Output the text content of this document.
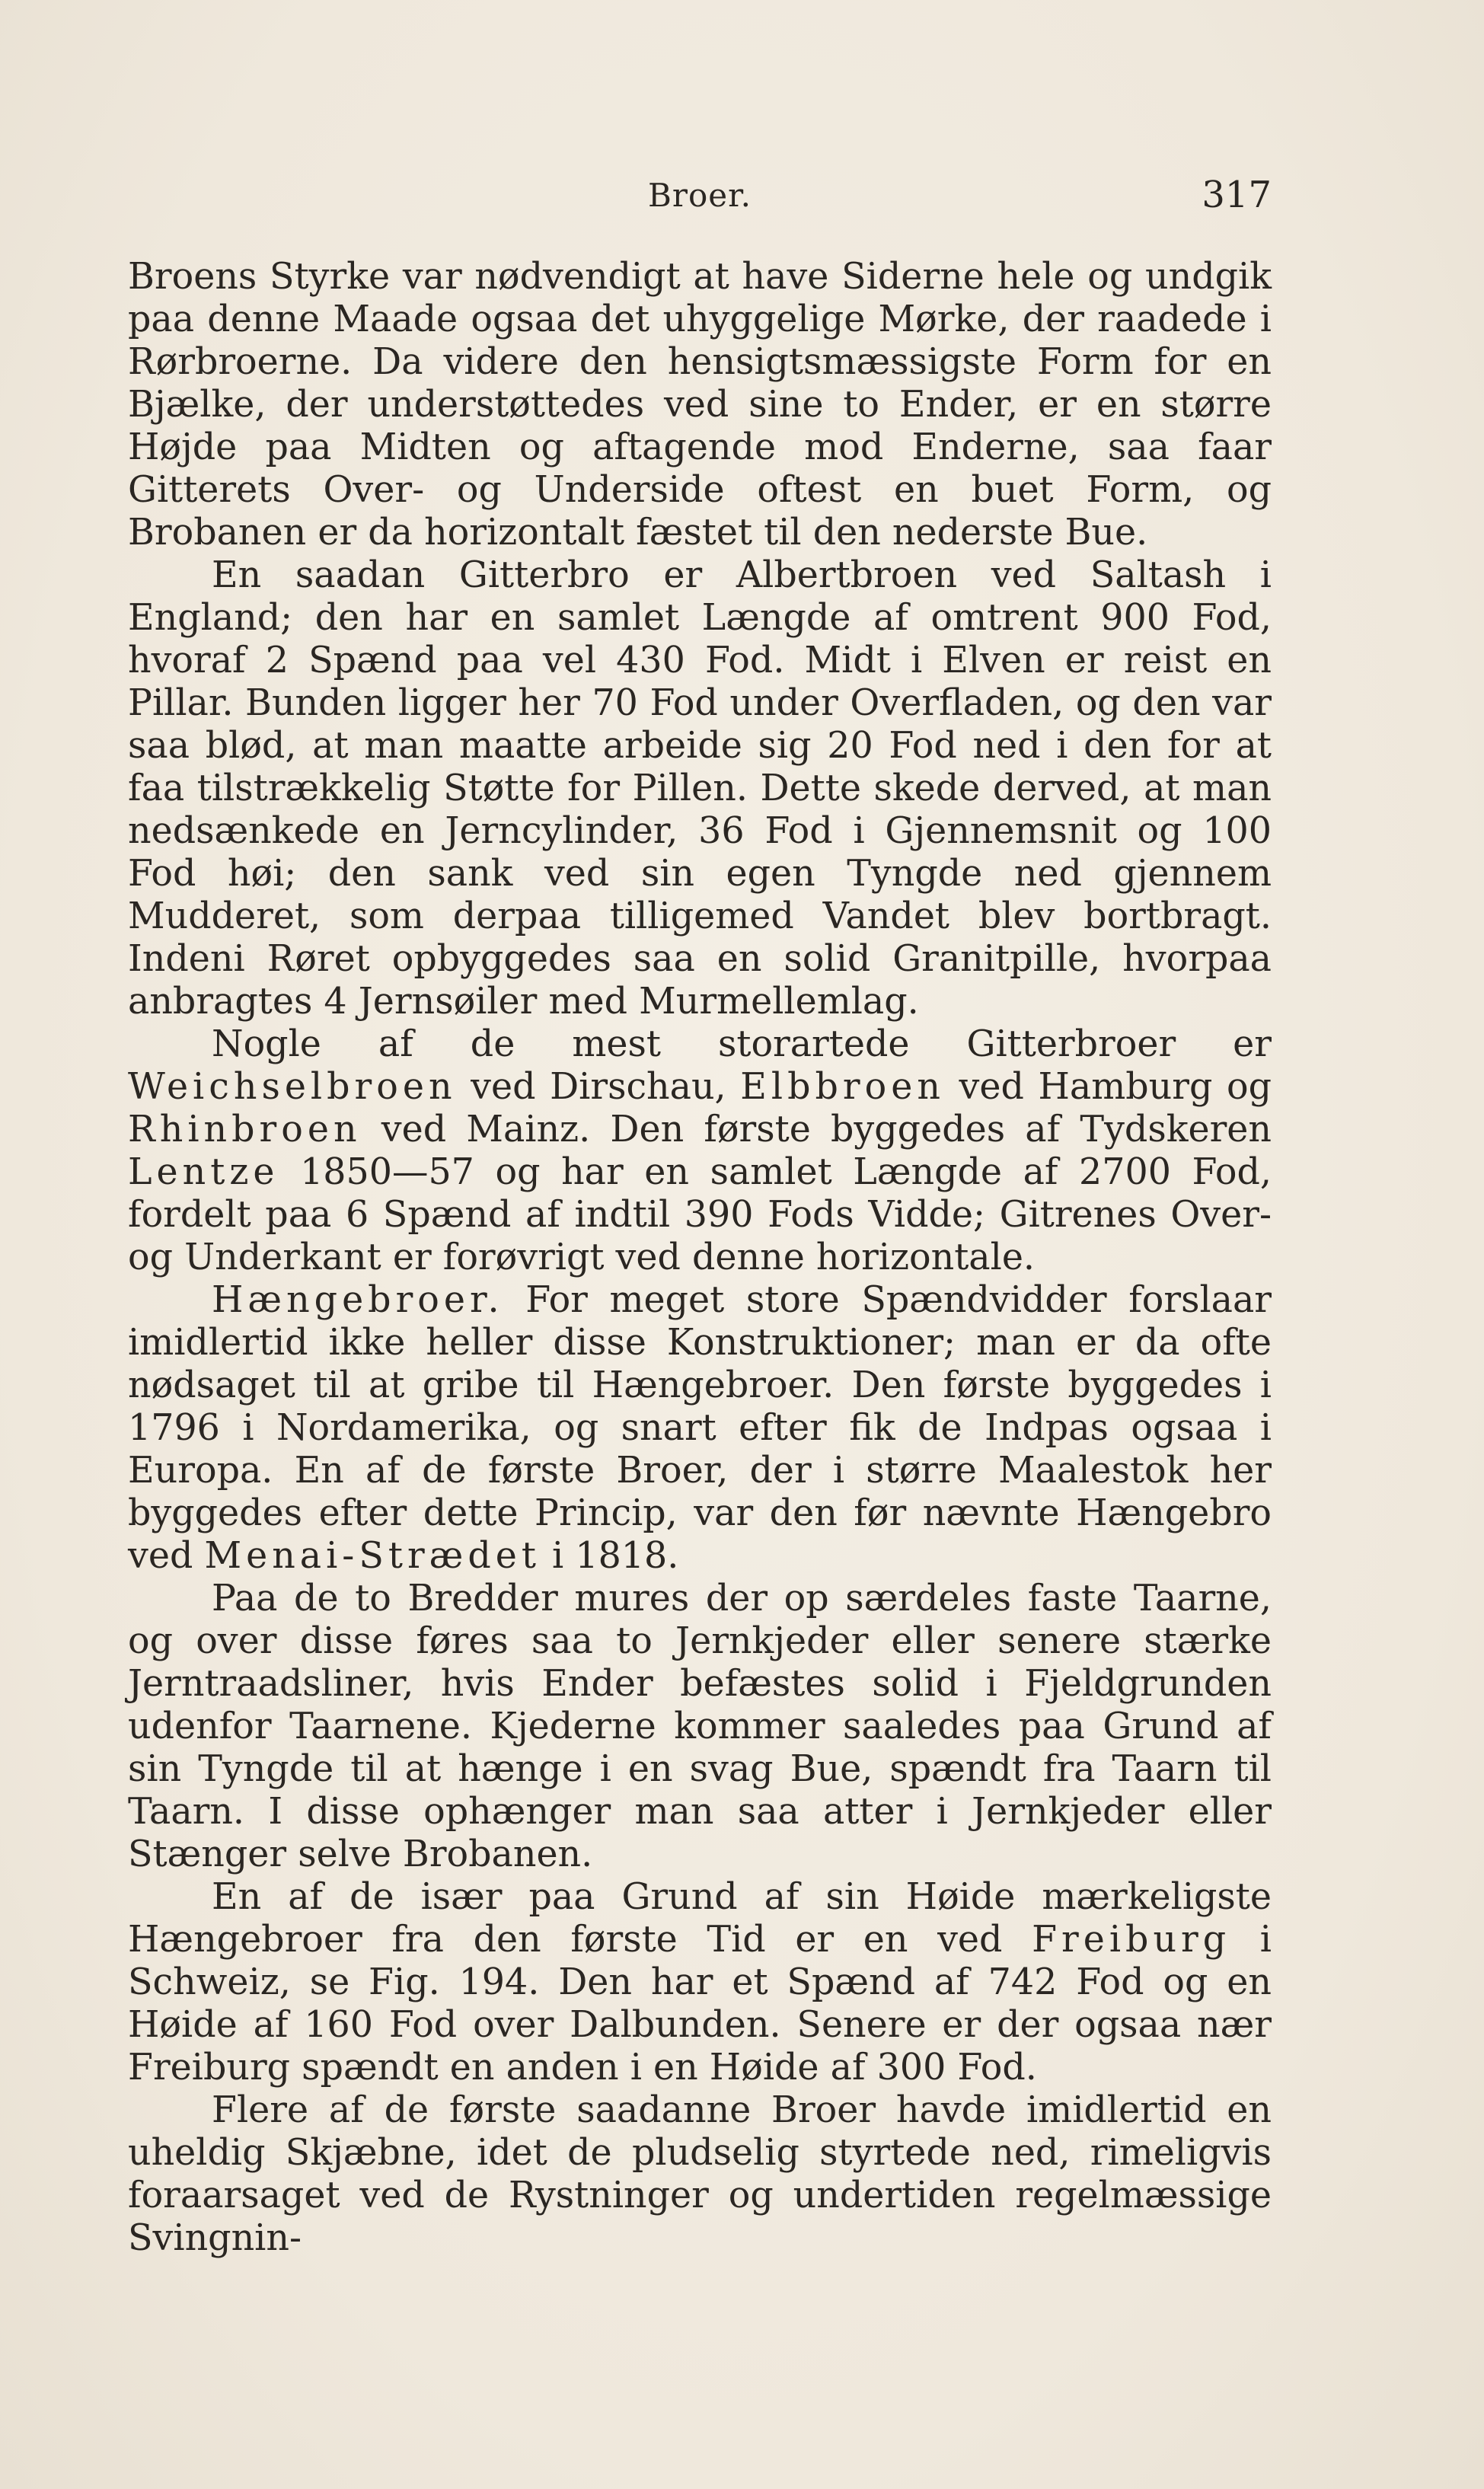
Broer.	317

Broens Styrke var nødvendigt at have Siderne hele og undgik paa denne Maade ogsaa det uhyggelige Mørke, der raadede i Rørbroerne. Da videre den hensigtsmæssigste Form for en Bjælke, der understøttedes ved sine to Ender, er en større Højde paa Midten og aftagende mod Enderne, saa faar Gitterets Over- og Underside oftest en buet Form, og Brobanen er da horizontalt fæstet til den nederste Bue.

En saadan Gitterbro er Albertbroen ved Saltash i England; den har en samlet Længde af omtrent 900 Fod, hvoraf 2 Spænd paa vel 430 Fod. Midt i Elven er reist en Pillar. Bunden ligger her 70 Fod under Overfladen, og den var saa blød, at man maatte arbeide sig 20 Fod ned i den for at faa tilstrækkelig Støtte for Pillen. Dette skede derved, at man nedsænkede en Jerncylinder, 36 Fod i Gjennemsnit og 100 Fod høi; den sank ved sin egen Tyngde ned gjennem Mudderet, som derpaa tilligemed Vandet blev bortbragt. Indeni Røret opbyggedes saa en solid Granitpille, hvorpaa anbragtes 4 Jernsøiler med Murmellemlag.

Nogle af de mest storartede Gitterbroer er Weichselbroen ved Dirschau, Elbbroen ved Hamburg og Rhinbroen ved Mainz. Den første byggedes af Tydskeren Lentze 1850—57 og har en samlet Længde af 2700 Fod, fordelt paa 6 Spænd af indtil 390 Fods Vidde; Gitrenes Over- og Underkant er forøvrigt ved denne horizontale.

Hængebroer. For meget store Spændvidder forslaar imidlertid ikke heller disse Konstruktioner; man er da ofte nødsaget til at gribe til Hængebroer. Den første byggedes i 1796 i Nordamerika, og snart efter fik de Indpas ogsaa i Europa. En af de første Broer, der i større Maalestok her byggedes efter dette Princip, var den før nævnte Hængebro ved Menai-Strædet i 1818.

Paa de to Bredder mures der op særdeles faste Taarne, og over disse føres saa to Jernkjeder eller senere stærke Jerntraadsliner, hvis Ender befæstes solid i Fjeldgrunden udenfor Taarnene. Kjederne kommer saaledes paa Grund af sin Tyngde til at hænge i en svag Bue, spændt fra Taarn til Taarn. I disse ophænger man saa atter i Jernkjeder eller Stænger selve Brobanen.

En af de især paa Grund af sin Høide mærkeligste Hængebroer fra den første Tid er en ved Freiburg i Schweiz, se Fig. 194. Den har et Spænd af 742 Fod og en Høide af 160 Fod over Dalbunden. Senere er der ogsaa nær Freiburg spændt en anden i en Høide af 300 Fod.

Flere af de første saadanne Broer havde imidlertid en uheldig Skjæbne, idet de pludselig styrtede ned, rimeligvis foraarsaget ved de Rystninger og undertiden regelmæssige Svingnin-
